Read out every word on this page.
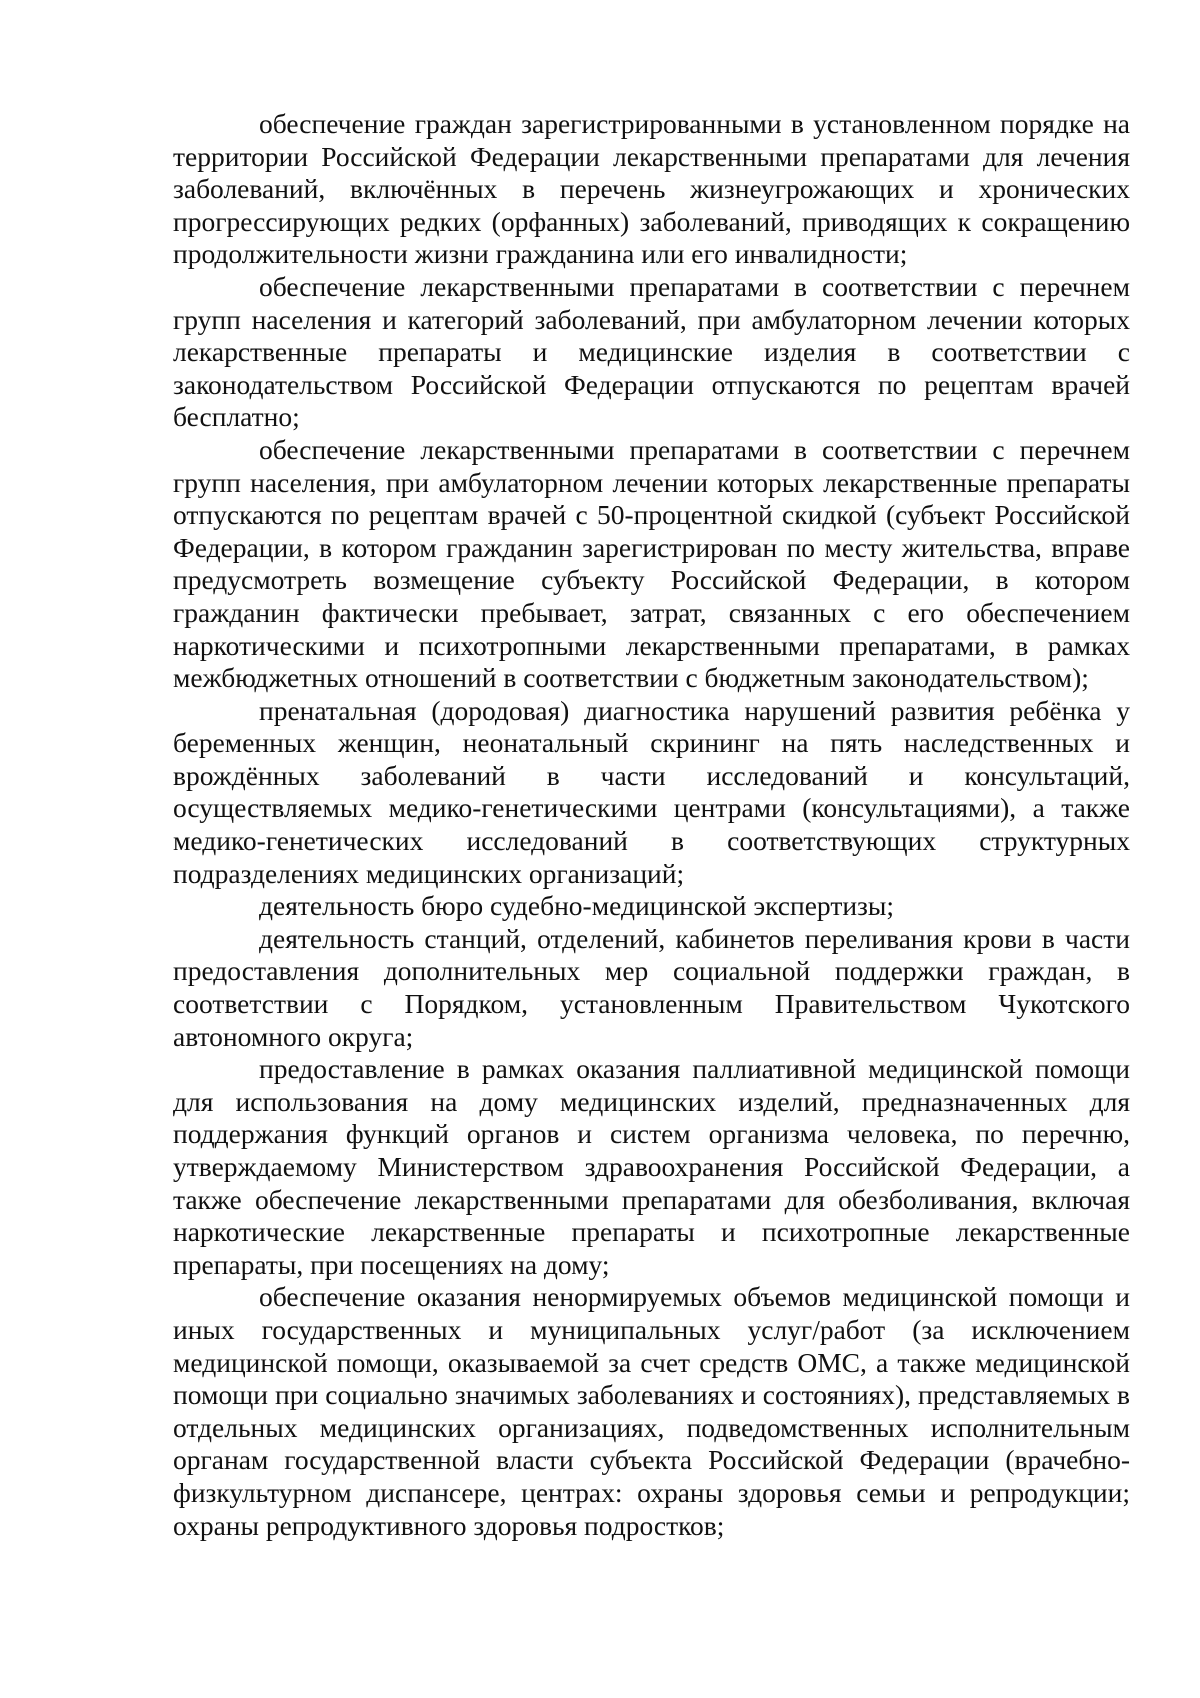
обеспечение граждан зарегистрированными в установленном порядке на территории Российской Федерации лекарственными препаратами для лечения заболеваний, включённых в перечень жизнеугрожающих и хронических прогрессирующих редких (орфанных) заболеваний, приводящих к сокращению продолжительности жизни гражданина или его инвалидности;

обеспечение лекарственными препаратами в соответствии с перечнем групп населения и категорий заболеваний, при амбулаторном лечении которых лекарственные препараты и медицинские изделия в соответствии с законодательством Российской Федерации отпускаются по рецептам врачей бесплатно;

обеспечение лекарственными препаратами в соответствии с перечнем групп населения, при амбулаторном лечении которых лекарственные препараты отпускаются по рецептам врачей с 50-процентной скидкой (субъект Российской Федерации, в котором гражданин зарегистрирован по месту жительства, вправе предусмотреть возмещение субъекту Российской Федерации, в котором гражданин фактически пребывает, затрат, связанных с его обеспечением наркотическими и психотропными лекарственными препаратами, в рамках межбюджетных отношений в соответствии с бюджетным законодательством);

пренатальная (дородовая) диагностика нарушений развития ребёнка у беременных женщин, неонатальный скрининг на пять наследственных и врождённых заболеваний в части исследований и консультаций, осуществляемых медико-генетическими центрами (консультациями), а также медико-генетических исследований в соответствующих структурных подразделениях медицинских организаций;

деятельность бюро судебно-медицинской экспертизы;

деятельность станций, отделений, кабинетов переливания крови в части предоставления дополнительных мер социальной поддержки граждан, в соответствии с Порядком, установленным Правительством Чукотского автономного округа;

предоставление в рамках оказания паллиативной медицинской помощи для использования на дому медицинских изделий, предназначенных для поддержания функций органов и систем организма человека, по перечню, утверждаемому Министерством здравоохранения Российской Федерации, а также обеспечение лекарственными препаратами для обезболивания, включая наркотические лекарственные препараты и психотропные лекарственные препараты, при посещениях на дому;

обеспечение оказания ненормируемых объемов медицинской помощи и иных государственных и муниципальных услуг/работ (за исключением медицинской помощи, оказываемой за счет средств ОМС, а также медицинской помощи при социально значимых заболеваниях и состояниях), представляемых в отдельных медицинских организациях, подведомственных исполнительным органам государственной власти субъекта Российской Федерации (врачебно-физкультурном диспансере, центрах: охраны здоровья семьи и репродукции; охраны репродуктивного здоровья подростков;
